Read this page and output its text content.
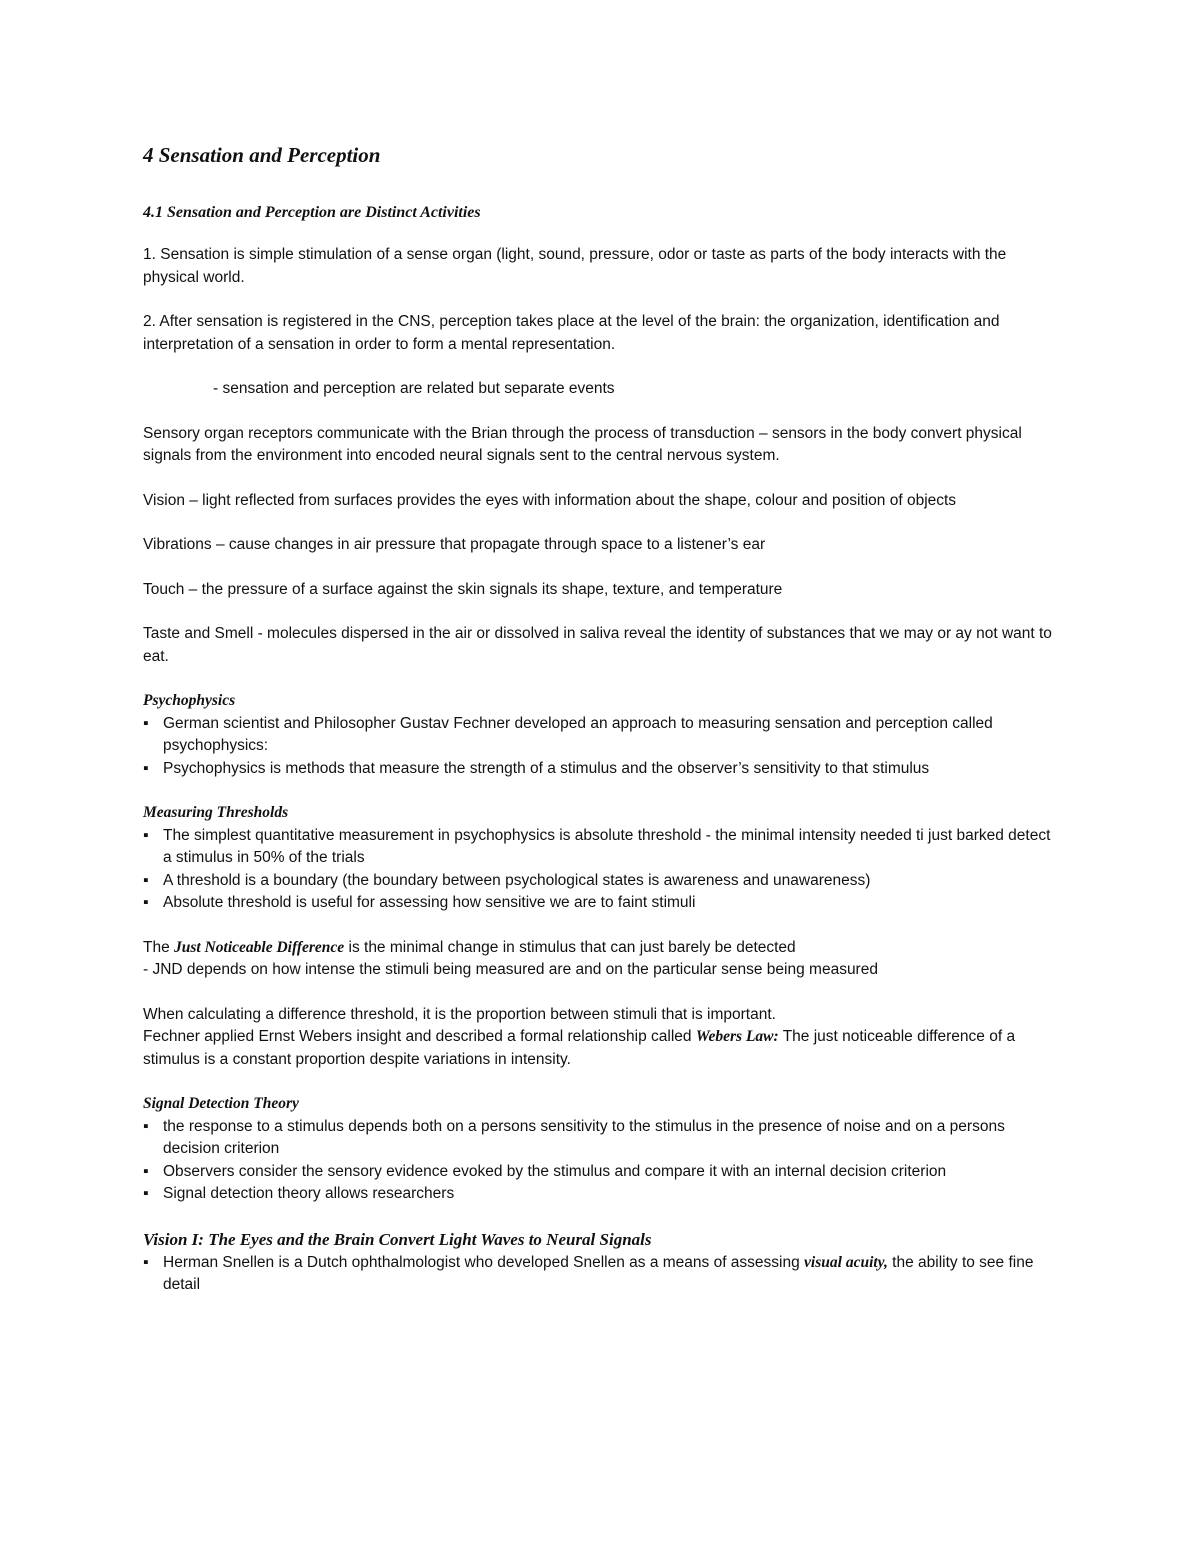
4 Sensation and Perception
4.1 Sensation and Perception are Distinct Activities

1. Sensation is simple stimulation of a sense organ (light, sound, pressure, odor or taste as parts of the body interacts with the physical world.

2. After sensation is registered in the CNS, perception takes place at the level of the brain: the organization, identification and interpretation of a sensation in order to form a mental representation.

- sensation and perception are related but separate events

Sensory organ receptors communicate with the Brian through the process of transduction – sensors in the body convert physical signals from the environment into encoded neural signals sent to the central nervous system.

Vision – light reflected from surfaces provides the eyes with information about the shape, colour and position of objects

Vibrations – cause changes in air pressure that propagate through space to a listener’s ear

Touch – the pressure of a surface against the skin signals its shape, texture, and temperature

Taste and Smell - molecules dispersed in the air or dissolved in saliva reveal the identity of substances that we may or ay not want to eat.

Psychophysics
▪ German scientist and Philosopher Gustav Fechner developed an approach to measuring sensation and perception called psychophysics:
▪ Psychophysics is methods that measure the strength of a stimulus and the observer’s sensitivity to that stimulus
Measuring Thresholds
▪ The simplest quantitative measurement in psychophysics is absolute threshold - the minimal intensity needed ti just barked detect a stimulus in 50% of the trials
▪ A threshold is a boundary (the boundary between psychological states is awareness and unawareness)
▪ Absolute threshold is useful for assessing how sensitive we are to faint stimuli
The Just Noticeable Difference is the minimal change in stimulus that can just barely be detected
- JND depends on how intense the stimuli being measured are and on the particular sense being measured
When calculating a difference threshold, it is the proportion between stimuli that is important.
Fechner applied Ernst Webers insight and described a formal relationship called Webers Law: The just noticeable difference of a stimulus is a constant proportion despite variations in intensity.
Signal Detection Theory
▪ the response to a stimulus depends both on a persons sensitivity to the stimulus in the presence of noise and on a persons decision criterion
▪ Observers consider the sensory evidence evoked by the stimulus and compare it with an internal decision criterion
▪ Signal detection theory allows researchers
Vision I: The Eyes and the Brain Convert Light Waves to Neural Signals
▪ Herman Snellen is a Dutch ophthalmologist who developed Snellen as a means of assessing visual acuity, the ability to see fine detail
